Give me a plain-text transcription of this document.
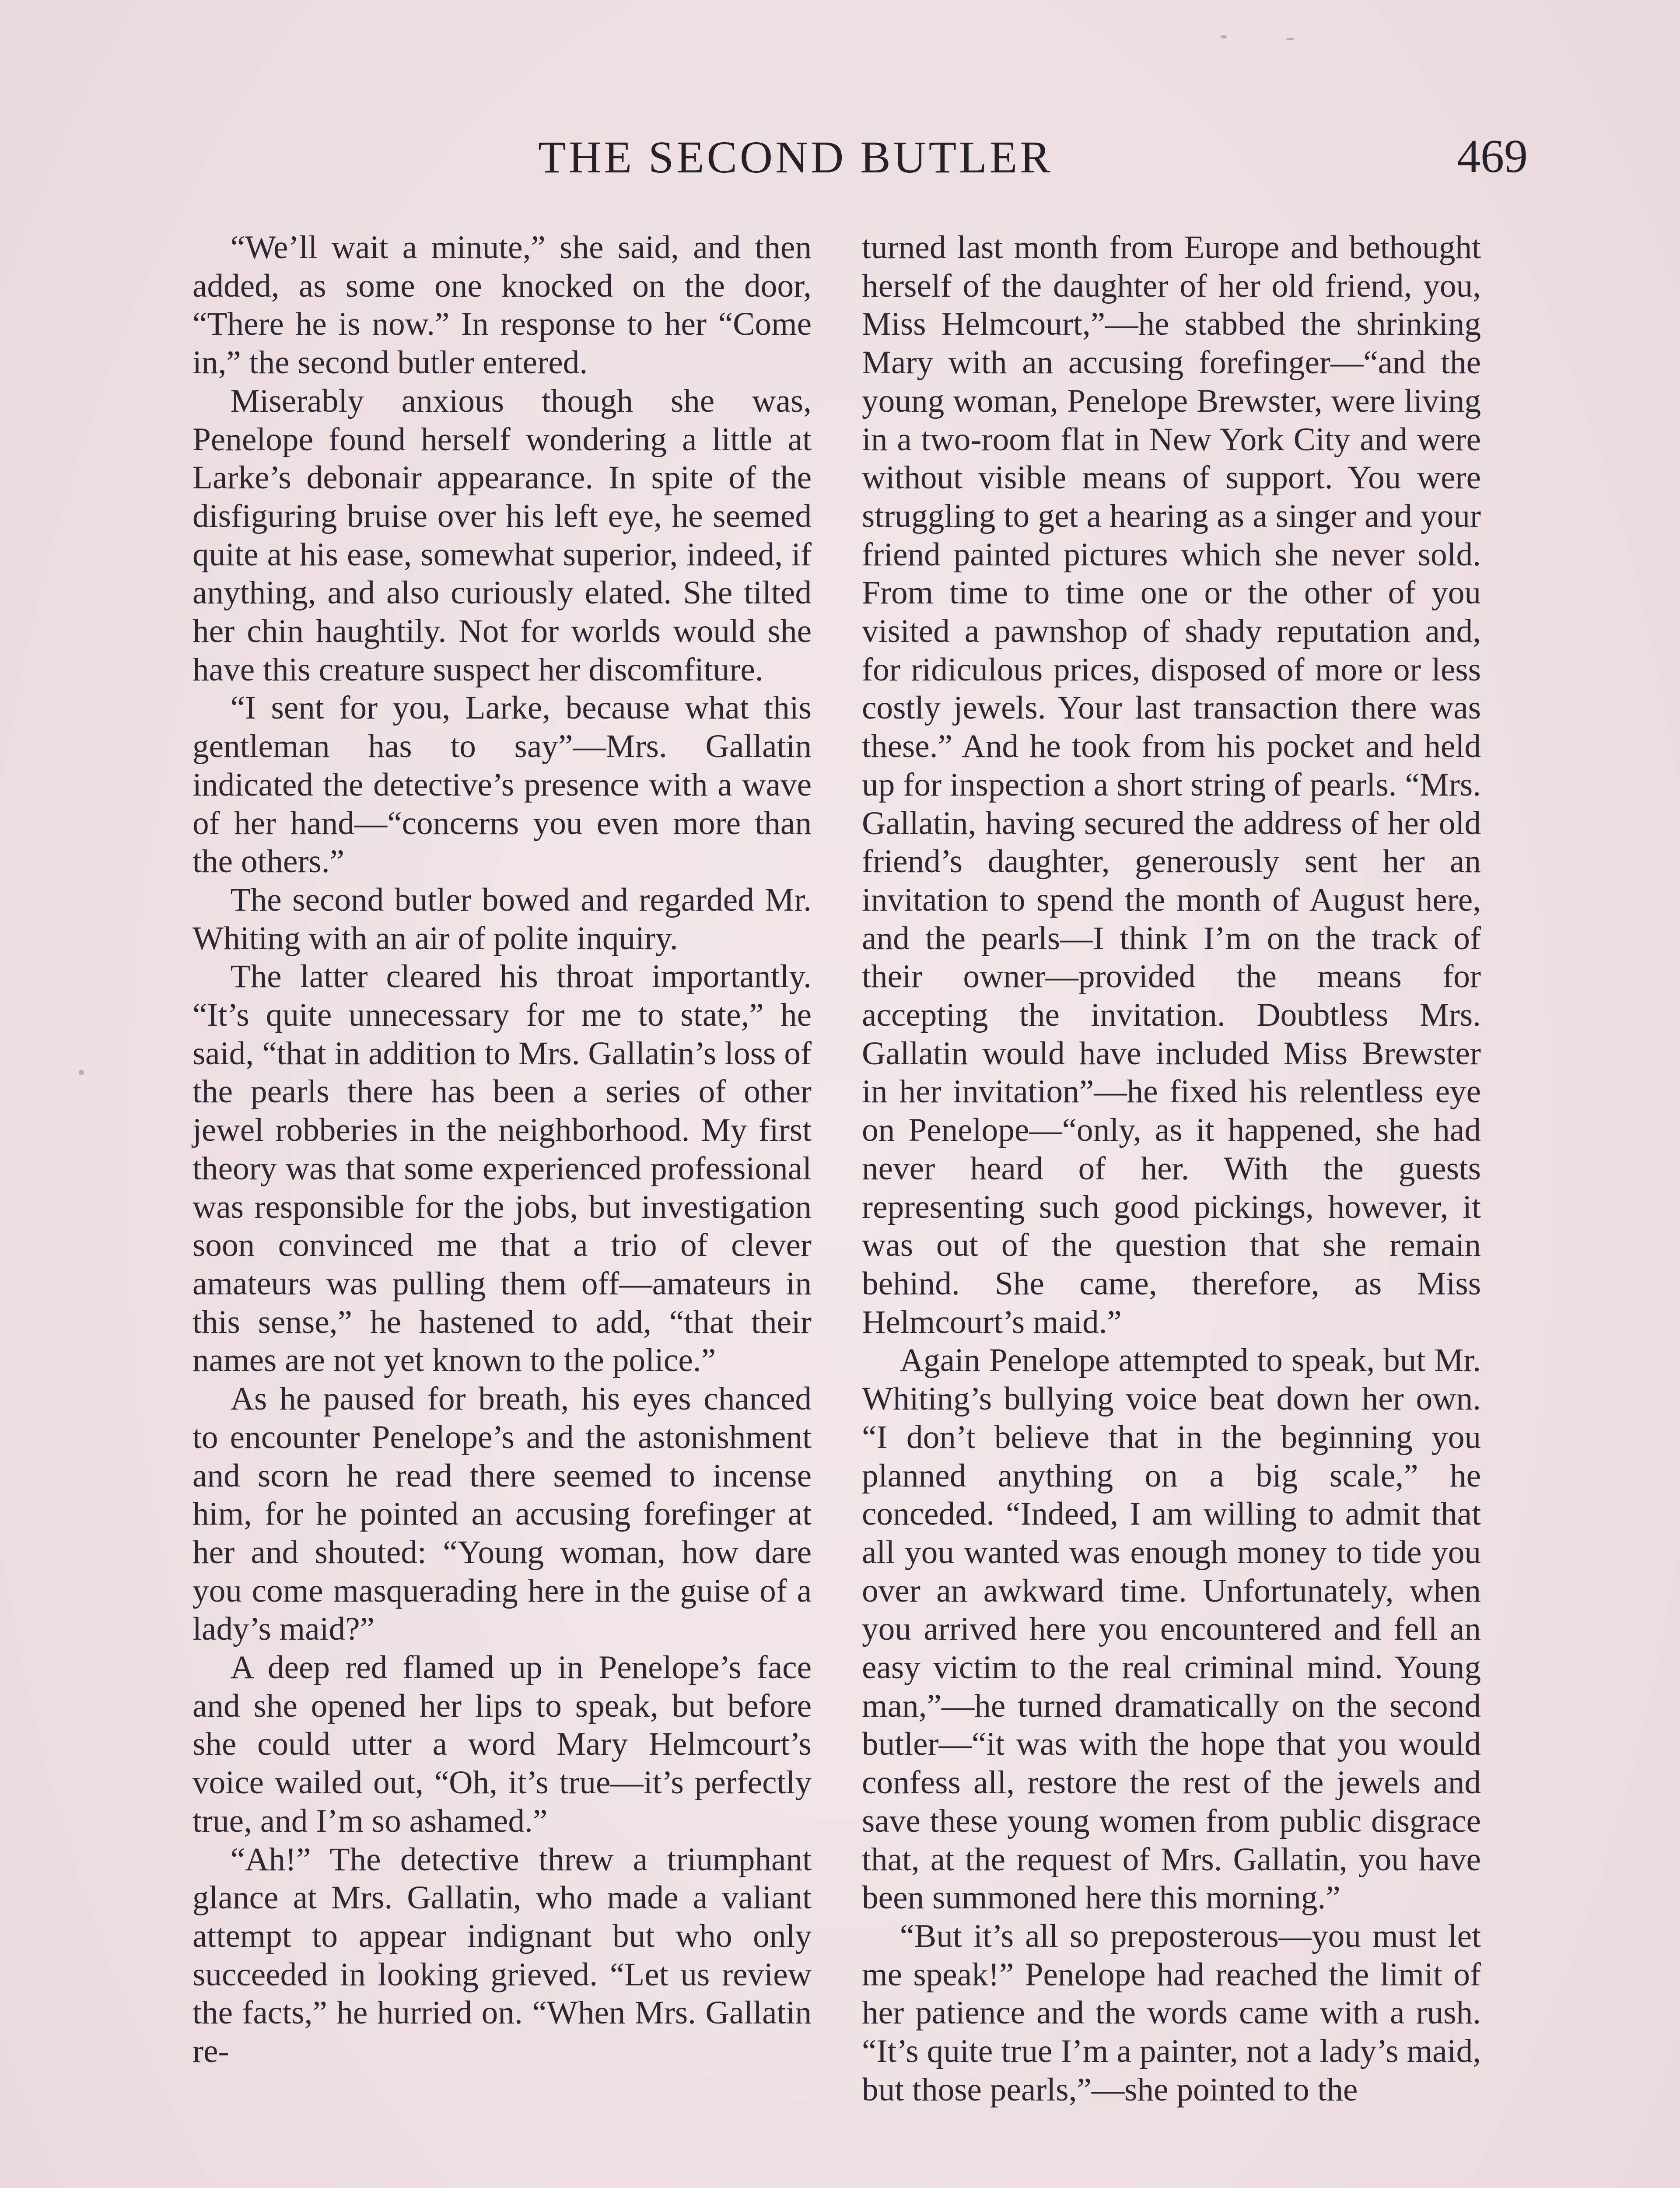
THE SECOND BUTLER	469

“We’ll wait a minute,” she said, and then added, as some one knocked on the door, “There he is now.” In response to her “Come in,” the second butler entered.

Miserably anxious though she was, Penelope found herself wondering a little at Larke’s debonair appearance. In spite of the disfiguring bruise over his left eye, he seemed quite at his ease, somewhat superior, indeed, if anything, and also curiously elated. She tilted her chin haughtily. Not for worlds would she have this creature suspect her discomfiture.

“I sent for you, Larke, because what this gentleman has to say”—Mrs. Gallatin indicated the detective’s presence with a wave of her hand—“concerns you even more than the others.”

The second butler bowed and regarded Mr. Whiting with an air of polite inquiry.

The latter cleared his throat importantly. “It’s quite unnecessary for me to state,” he said, “that in addition to Mrs. Gallatin’s loss of the pearls there has been a series of other jewel robberies in the neighborhood. My first theory was that some experienced professional was responsible for the jobs, but investigation soon convinced me that a trio of clever amateurs was pulling them off—amateurs in this sense,” he hastened to add, “that their names are not yet known to the police.”

As he paused for breath, his eyes chanced to encounter Penelope’s and the astonishment and scorn he read there seemed to incense him, for he pointed an accusing forefinger at her and shouted: “Young woman, how dare you come masquerading here in the guise of a lady’s maid?”

A deep red flamed up in Penelope’s face and she opened her lips to speak, but before she could utter a word Mary Helmcourt’s voice wailed out, “Oh, it’s true—it’s perfectly true, and I’m so ashamed.”

“Ah!” The detective threw a triumphant glance at Mrs. Gallatin, who made a valiant attempt to appear indignant but who only succeeded in looking grieved. “Let us review the facts,” he hurried on. “When Mrs. Gallatin re-

turned last month from Europe and bethought herself of the daughter of her old friend, you, Miss Helmcourt,”—he stabbed the shrinking Mary with an accusing forefinger—“and the young woman, Penelope Brewster, were living in a two-room flat in New York City and were without visible means of support. You were struggling to get a hearing as a singer and your friend painted pictures which she never sold. From time to time one or the other of you visited a pawnshop of shady reputation and, for ridiculous prices, disposed of more or less costly jewels. Your last transaction there was these.” And he took from his pocket and held up for inspection a short string of pearls. “Mrs. Gallatin, having secured the address of her old friend’s daughter, generously sent her an invitation to spend the month of August here, and the pearls—I think I’m on the track of their owner—provided the means for accepting the invitation. Doubtless Mrs. Gallatin would have included Miss Brewster in her invitation”—he fixed his relentless eye on Penelope—“only, as it happened, she had never heard of her. With the guests representing such good pickings, however, it was out of the question that she remain behind. She came, therefore, as Miss Helmcourt’s maid.”

Again Penelope attempted to speak, but Mr. Whiting’s bullying voice beat down her own. “I don’t believe that in the beginning you planned anything on a big scale,” he conceded. “Indeed, I am willing to admit that all you wanted was enough money to tide you over an awkward time. Unfortunately, when you arrived here you encountered and fell an easy victim to the real criminal mind. Young man,”—he turned dramatically on the second butler—“it was with the hope that you would confess all, restore the rest of the jewels and save these young women from public disgrace that, at the request of Mrs. Gallatin, you have been summoned here this morning.”

“But it’s all so preposterous—you must let me speak!” Penelope had reached the limit of her patience and the words came with a rush. “It’s quite true I’m a painter, not a lady’s maid, but those pearls,”—she pointed to the
